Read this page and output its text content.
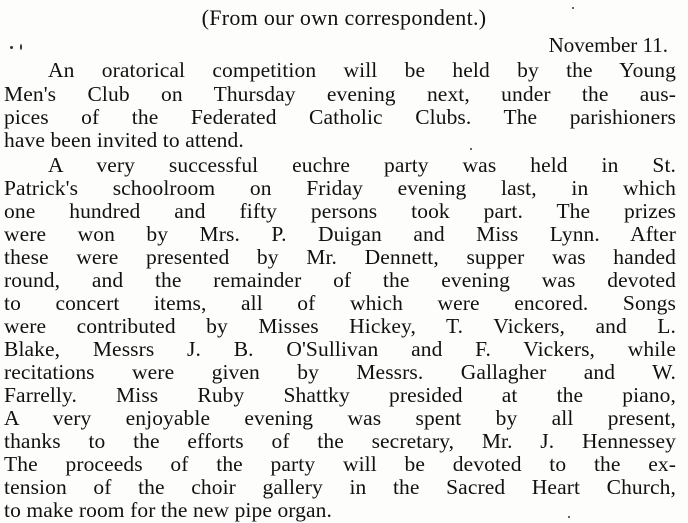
(From our own correspondent.)
November 11.
An oratorical competition will be held by the Young
Men's Club on Thursday evening next, under the aus-
pices of the Federated Catholic Clubs. The parishioners
have been invited to attend.
A very successful euchre party was held in St.
Patrick's schoolroom on Friday evening last, in which
one hundred and fifty persons took part. The prizes
were won by Mrs. P. Duigan and Miss Lynn. After
these were presented by Mr. Dennett, supper was handed
round, and the remainder of the evening was devoted
to concert items, all of which were encored. Songs
were contributed by Misses Hickey, T. Vickers, and L.
Blake, Messrs J. B. O'Sullivan and F. Vickers, while
recitations were given by Messrs. Gallagher and W.
Farrelly. Miss Ruby Shattky presided at the piano,
A very enjoyable evening was spent by all present,
thanks to the efforts of the secretary, Mr. J. Hennessey
The proceeds of the party will be devoted to the ex-
tension of the choir gallery in the Sacred Heart Church,
to make room for the new pipe organ.
